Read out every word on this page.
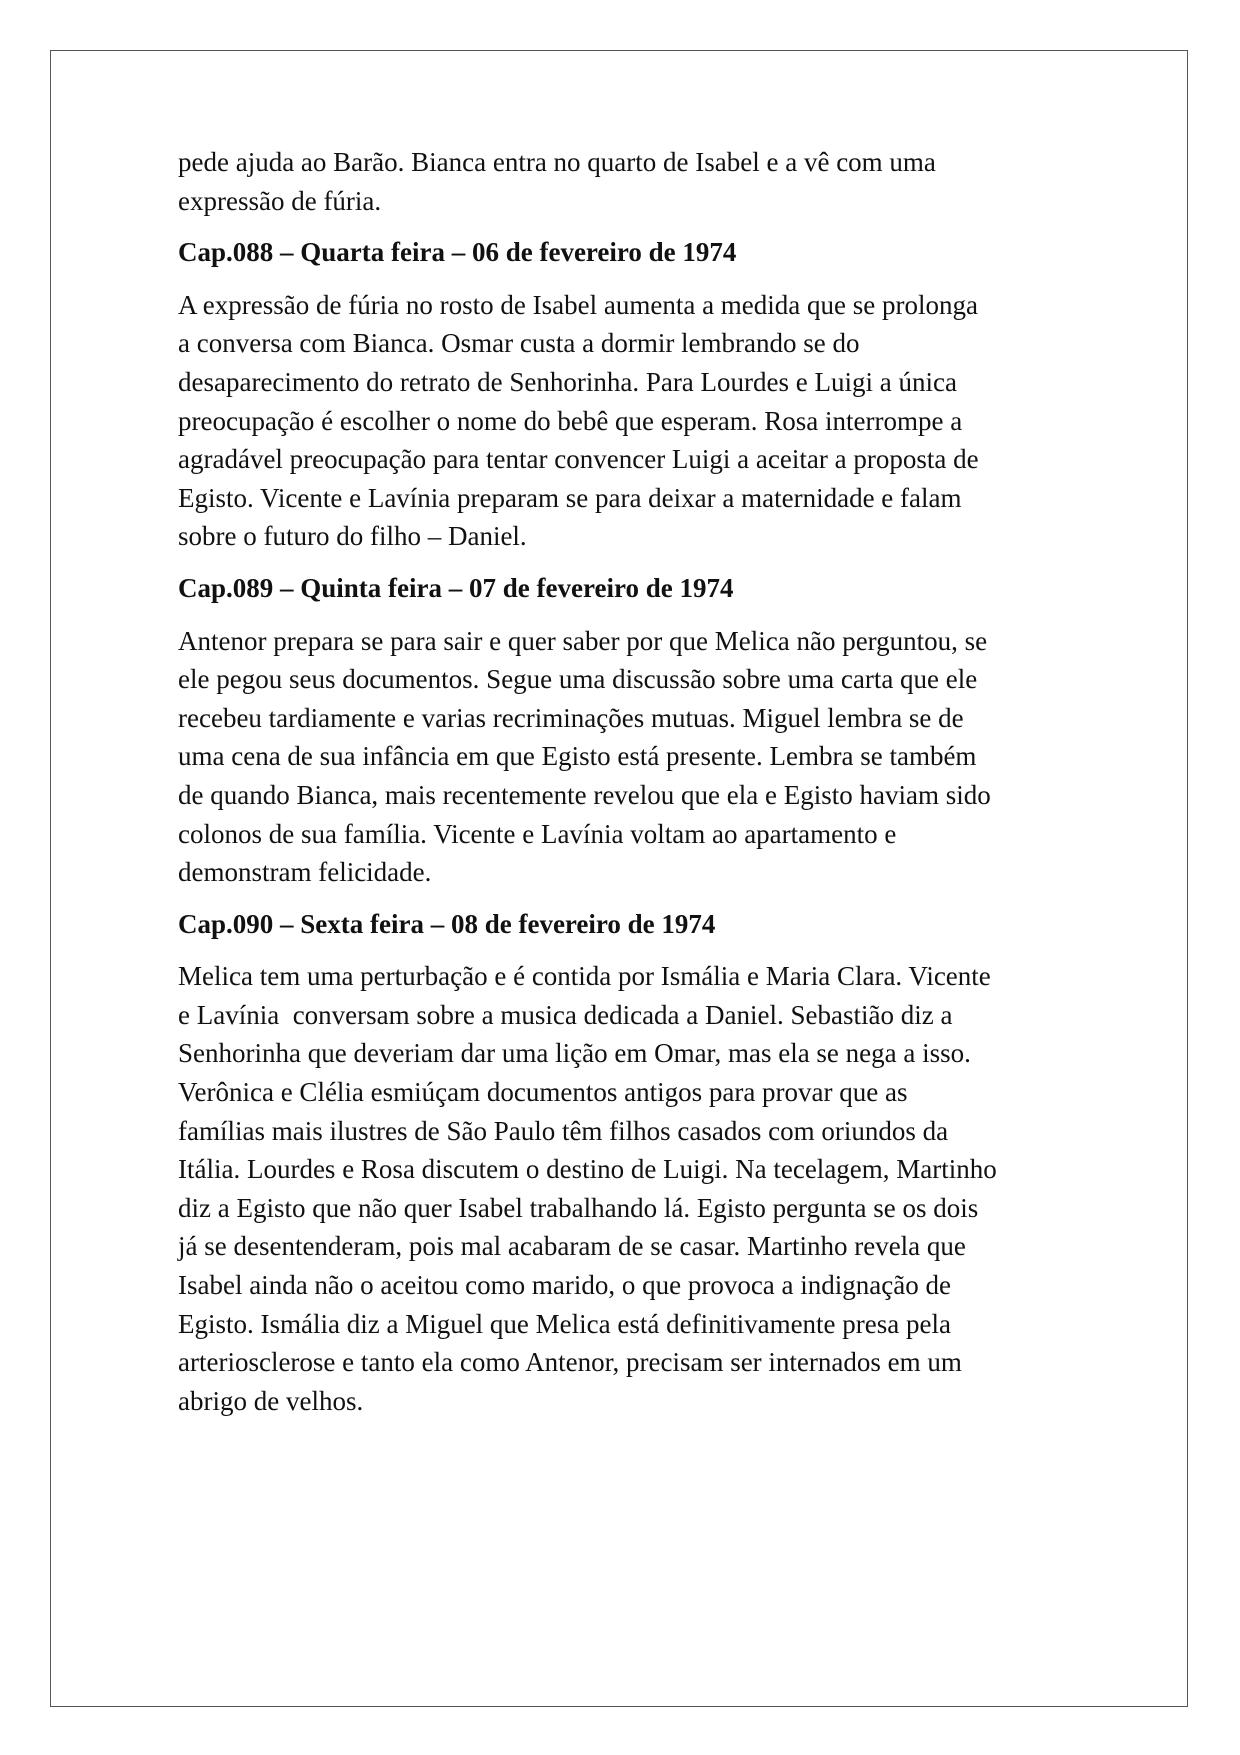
pede ajuda ao Barão. Bianca entra no quarto de Isabel e a vê com uma
expressão de fúria.

Cap.088 – Quarta feira – 06 de fevereiro de 1974

A expressão de fúria no rosto de Isabel aumenta a medida que se prolonga
a conversa com Bianca. Osmar custa a dormir lembrando se do
desaparecimento do retrato de Senhorinha. Para Lourdes e Luigi a única
preocupação é escolher o nome do bebê que esperam. Rosa interrompe a
agradável preocupação para tentar convencer Luigi a aceitar a proposta de
Egisto. Vicente e Lavínia preparam se para deixar a maternidade e falam
sobre o futuro do filho – Daniel.

Cap.089 – Quinta feira – 07 de fevereiro de 1974

Antenor prepara se para sair e quer saber por que Melica não perguntou, se
ele pegou seus documentos. Segue uma discussão sobre uma carta que ele
recebeu tardiamente e varias recriminações mutuas. Miguel lembra se de
uma cena de sua infância em que Egisto está presente. Lembra se também
de quando Bianca, mais recentemente revelou que ela e Egisto haviam sido
colonos de sua família. Vicente e Lavínia voltam ao apartamento e
demonstram felicidade.

Cap.090 – Sexta feira – 08 de fevereiro de 1974

Melica tem uma perturbação e é contida por Ismália e Maria Clara. Vicente
e Lavínia  conversam sobre a musica dedicada a Daniel. Sebastião diz a
Senhorinha que deveriam dar uma lição em Omar, mas ela se nega a isso.
Verônica e Clélia esmiúçam documentos antigos para provar que as
famílias mais ilustres de São Paulo têm filhos casados com oriundos da
Itália. Lourdes e Rosa discutem o destino de Luigi. Na tecelagem, Martinho
diz a Egisto que não quer Isabel trabalhando lá. Egisto pergunta se os dois
já se desentenderam, pois mal acabaram de se casar. Martinho revela que
Isabel ainda não o aceitou como marido, o que provoca a indignação de
Egisto. Ismália diz a Miguel que Melica está definitivamente presa pela
arteriosclerose e tanto ela como Antenor, precisam ser internados em um
abrigo de velhos.
